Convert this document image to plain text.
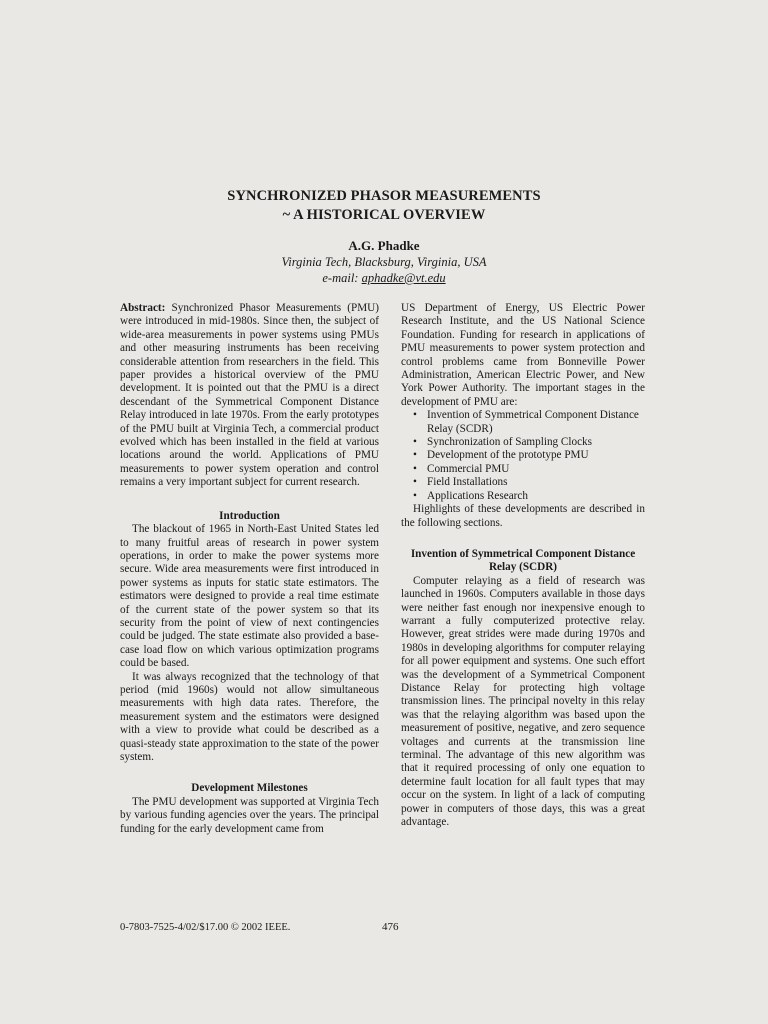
SYNCHRONIZED PHASOR MEASUREMENTS
~ A HISTORICAL OVERVIEW
A.G. Phadke
Virginia Tech, Blacksburg, Virginia, USA
e-mail: aphadke@vt.edu

Abstract: Synchronized Phasor Measurements (PMU) were introduced in mid-1980s. Since then, the subject of wide-area measurements in power systems using PMUs and other measuring instruments has been receiving considerable attention from researchers in the field. This paper provides a historical overview of the PMU development. It is pointed out that the PMU is a direct descendant of the Symmetrical Component Distance Relay introduced in late 1970s. From the early prototypes of the PMU built at Virginia Tech, a commercial product evolved which has been installed in the field at various locations around the world. Applications of PMU measurements to power system operation and control remains a very important subject for current research.

Introduction

The blackout of 1965 in North-East United States led to many fruitful areas of research in power system operations, in order to make the power systems more secure. Wide area measurements were first introduced in power systems as inputs for static state estimators. The estimators were designed to provide a real time estimate of the current state of the power system so that its security from the point of view of next contingencies could be judged. The state estimate also provided a base-case load flow on which various optimization programs could be based.

It was always recognized that the technology of that period (mid 1960s) would not allow simultaneous measurements with high data rates. Therefore, the measurement system and the estimators were designed with a view to provide what could be described as a quasi-steady state approximation to the state of the power system.

Development Milestones

The PMU development was supported at Virginia Tech by various funding agencies over the years. The principal funding for the early development came from

US Department of Energy, US Electric Power Research Institute, and the US National Science Foundation. Funding for research in applications of PMU measurements to power system protection and control problems came from Bonneville Power Administration, American Electric Power, and New York Power Authority. The important stages in the development of PMU are:

• Invention of Symmetrical Component Distance Relay (SCDR)
• Synchronization of Sampling Clocks
• Development of the prototype PMU
• Commercial PMU
• Field Installations
• Applications Research

Highlights of these developments are described in the following sections.

Invention of Symmetrical Component Distance Relay (SCDR)

Computer relaying as a field of research was launched in 1960s. Computers available in those days were neither fast enough nor inexpensive enough to warrant a fully computerized protective relay. However, great strides were made during 1970s and 1980s in developing algorithms for computer relaying for all power equipment and systems. One such effort was the development of a Symmetrical Component Distance Relay for protecting high voltage transmission lines. The principal novelty in this relay was that the relaying algorithm was based upon the measurement of positive, negative, and zero sequence voltages and currents at the transmission line terminal. The advantage of this new algorithm was that it required processing of only one equation to determine fault location for all fault types that may occur on the system. In light of a lack of computing power in computers of those days, this was a great advantage.

0-7803-7525-4/02/$17.00 © 2002 IEEE.	476
